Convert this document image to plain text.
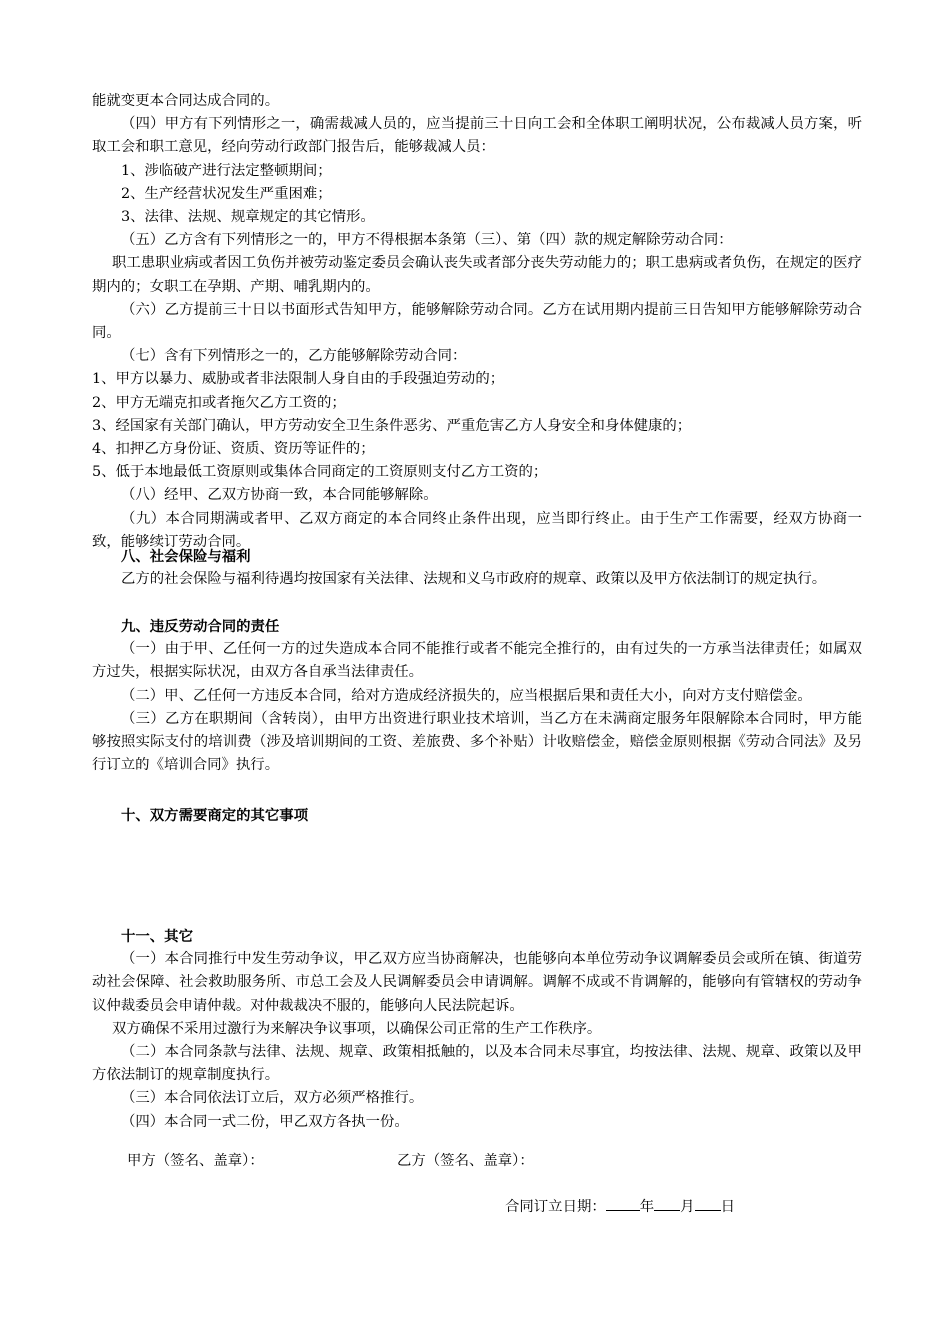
能就变更本合同达成合同的。

（四）甲方有下列情形之一，确需裁减人员的，应当提前三十日向工会和全体职工阐明状况，公布裁减人员方案，听取工会和职工意见，经向劳动行政部门报告后，能够裁减人员：

1、涉临破产进行法定整顿期间；

2、生产经营状况发生严重困难；

3、法律、法规、规章规定的其它情形。

（五）乙方含有下列情形之一的，甲方不得根据本条第（三）、第（四）款的规定解除劳动合同：

职工患职业病或者因工负伤并被劳动鉴定委员会确认丧失或者部分丧失劳动能力的；职工患病或者负伤，在规定的医疗期内的；女职工在孕期、产期、哺乳期内的。

（六）乙方提前三十日以书面形式告知甲方，能够解除劳动合同。乙方在试用期内提前三日告知甲方能够解除劳动合同。

（七）含有下列情形之一的，乙方能够解除劳动合同：

1、甲方以暴力、威胁或者非法限制人身自由的手段强迫劳动的；

2、甲方无端克扣或者拖欠乙方工资的；

3、经国家有关部门确认，甲方劳动安全卫生条件恶劣、严重危害乙方人身安全和身体健康的；

4、扣押乙方身份证、资质、资历等证件的；

5、低于本地最低工资原则或集体合同商定的工资原则支付乙方工资的；

（八）经甲、乙双方协商一致，本合同能够解除。

（九）本合同期满或者甲、乙双方商定的本合同终止条件出现，应当即行终止。由于生产工作需要，经双方协商一致，能够续订劳动合同。

八、社会保险与福利

乙方的社会保险与福利待遇均按国家有关法律、法规和义乌市政府的规章、政策以及甲方依法制订的规定执行。

九、违反劳动合同的责任

（一）由于甲、乙任何一方的过失造成本合同不能推行或者不能完全推行的，由有过失的一方承当法律责任；如属双方过失，根据实际状况，由双方各自承当法律责任。

（二）甲、乙任何一方违反本合同，给对方造成经济损失的，应当根据后果和责任大小，向对方支付赔偿金。

（三）乙方在职期间（含转岗），由甲方出资进行职业技术培训，当乙方在未满商定服务年限解除本合同时，甲方能够按照实际支付的培训费（涉及培训期间的工资、差旅费、多个补贴）计收赔偿金，赔偿金原则根据《劳动合同法》及另行订立的《培训合同》执行。

十、双方需要商定的其它事项

十一、其它

（一）本合同推行中发生劳动争议，甲乙双方应当协商解决，也能够向本单位劳动争议调解委员会或所在镇、街道劳动社会保障、社会救助服务所、市总工会及人民调解委员会申请调解。调解不成或不肯调解的，能够向有管辖权的劳动争议仲裁委员会申请仲裁。对仲裁裁决不服的，能够向人民法院起诉。

双方确保不采用过激行为来解决争议事项，以确保公司正常的生产工作秩序。

（二）本合同条款与法律、法规、规章、政策相抵触的，以及本合同未尽事宜，均按法律、法规、规章、政策以及甲方依法制订的规章制度执行。

（三）本合同依法订立后，双方必须严格推行。

（四）本合同一式二份，甲乙双方各执一份。

甲方（签名、盖章）：	乙方（签名、盖章）：
合同订立日期： 年 月 日
